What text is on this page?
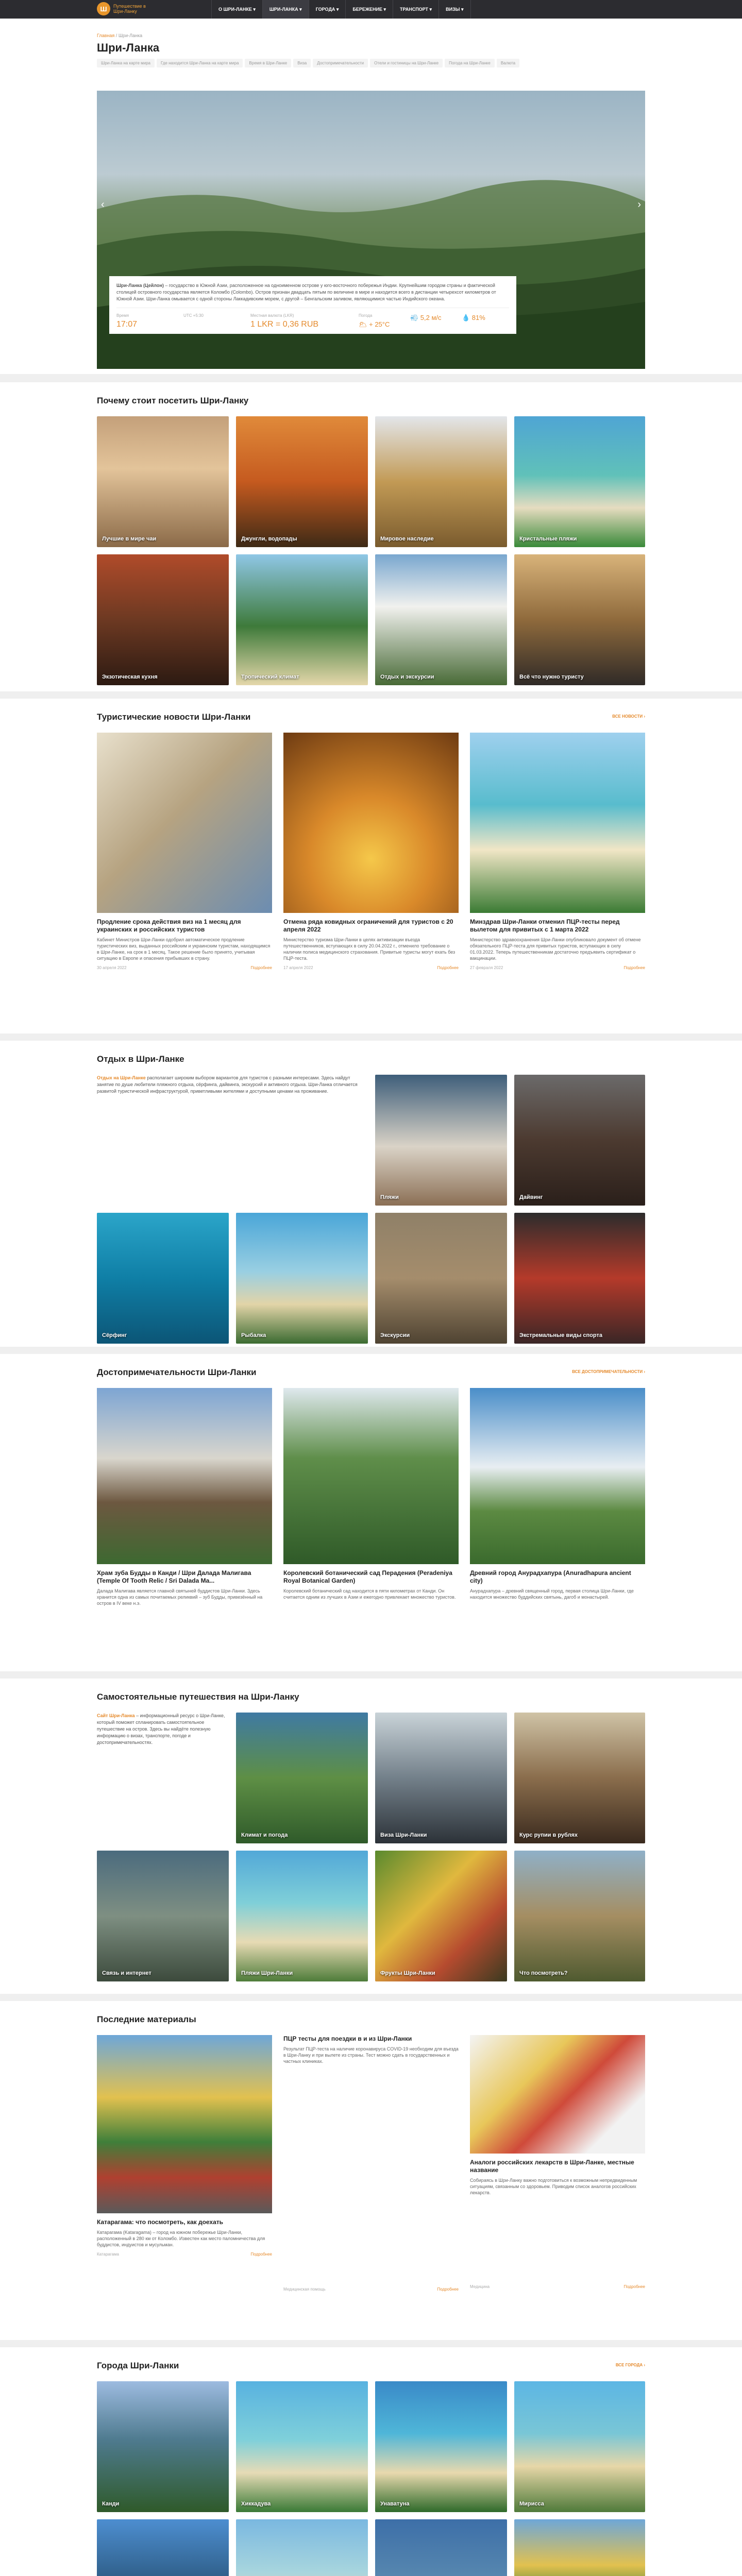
Ш	Путешествие в Шри-Ланку	О ШРИ-ЛАНКЕ ▾	ШРИ-ЛАНКА ▾	ГОРОДА ▾	БЕРЕЖЕНИЕ ▾	ТРАНСПОРТ ▾	ВИЗЫ ▾
Главная / Шри-Ланка
Шри-Ланка
Шри-Ланка на карте мира	Где находится Шри-Ланка на карте мира	Время в Шри-Ланке	Виза	Достопримечательности	Отели и гостиницы на Шри-Ланке	Погода на Шри-Ланке	Валюта
‹	›

Шри-Ланка (Цейлон) – государство в Южной Азии, расположенное на одноименном острове у юго-восточного побережья Индии. Крупнейшим городом страны и фактической столицей островного государства является Коломбо (Colombo). Остров признан двадцать пятым по величине в мире и находится всего в дистанции четырехсот километров от Южной Азии. Шри-Ланка омывается с одной стороны Лаккадивским морем, с другой – Бенгальским заливом, являющимися частью Индийского океана.

Время
17:07
UTC +5:30	Местная валюта (LKR)
1 LKR = 0,36 RUB
Погода
🌥 + 25°C
💨 5,2 м/с	💧 81%
Почему стоит посетить Шри-Ланку
Лучшие в мире чаи	Джунгли, водопады	Мировое наследие	Кристальные пляжи
Экзотическая кухня	Тропический климат	Отдых и экскурсии	Всё что нужно туристу
Туристические новости Шри-Ланки	ВСЕ НОВОСТИ ›
Продление срока действия виз на 1 месяц для украинских и российских туристов
Кабинет Министров Шри-Ланки одобрил автоматическое продление туристических виз, выданных российским и украинским туристам, находящимся в Шри-Ланке, на срок в 1 месяц. Такое решение было принято, учитывая ситуацию в Европе и опасения прибывших в страну.
30 апреля 2022	Подробнее
Отмена ряда ковидных ограничений для туристов с 20 апреля 2022
Министерство туризма Шри-Ланки в целях активизации въезда путешественников, вступающих в силу 20.04.2022 г., отменило требование о наличии полиса медицинского страхования. Привитые туристы могут ехать без ПЦР-теста.
17 апреля 2022	Подробнее
Минздрав Шри-Ланки отменил ПЦР-тесты перед вылетом для привитых с 1 марта 2022
Министерство здравоохранения Шри-Ланки опубликовало документ об отмене обязательного ПЦР-теста для привитых туристов, вступающих в силу 01.03.2022. Теперь путешественникам достаточно предъявить сертификат о вакцинации.
27 февраля 2022	Подробнее
Отдых в Шри-Ланке
Отдых на Шри-Ланке располагает широким выбором вариантов для туристов с разными интересами. Здесь найдут занятие по душе любители пляжного отдыха, сёрфинга, дайвинга, экскурсий и активного отдыха. Шри-Ланка отличается развитой туристической инфраструктурой, приветливыми жителями и доступными ценами на проживание.
Пляжи	Дайвинг
Сёрфинг	Рыбалка	Экскурсии	Экстремальные виды спорта
Достопримечательности Шри-Ланки	ВСЕ ДОСТОПРИМЕЧАТЕЛЬНОСТИ ›
Храм зуба Будды в Канди / Шри Далада Малигава (Temple Of Tooth Relic / Sri Dalada Ma...
Далада Малигава является главной святыней буддистов Шри-Ланки. Здесь хранится одна из самых почитаемых реликвий – зуб Будды, привезённый на остров в IV веке н.э.
Королевский ботанический сад Перадения (Peradeniya Royal Botanical Garden)
Королевский ботанический сад находится в пяти километрах от Канди. Он считается одним из лучших в Азии и ежегодно привлекает множество туристов.
Древний город Анурадхапура (Anuradhapura ancient city)
Анурадхапура – древний священный город, первая столица Шри-Ланки, где находится множество буддийских святынь, дагоб и монастырей.
Самостоятельные путешествия на Шри-Ланку
Сайт Шри-Ланка – информационный ресурс о Шри-Ланке, который поможет спланировать самостоятельное путешествие на остров. Здесь вы найдёте полезную информацию о визах, транспорте, погоде и достопримечательностях.
Климат и погода	Виза Шри-Ланки	Курс рупии в рублях
Связь и интернет	Пляжи Шри-Ланки	Фрукты Шри-Ланки	Что посмотреть?
Последние материалы
Катарагама: что посмотреть, как доехать
Катарагама (Kataragama) – город на южном побережье Шри-Ланки, расположенный в 280 км от Коломбо. Известен как место паломничества для буддистов, индуистов и мусульман.
Катарагама	Подробнее
ПЦР тесты для поездки в и из Шри-Ланки
Результат ПЦР-теста на наличие коронавируса COVID-19 необходим для въезда в Шри-Ланку и при вылете из страны. Тест можно сдать в государственных и частных клиниках.
Медицинская помощь	Подробнее
Аналоги российских лекарств в Шри-Ланке, местные название
Собираясь в Шри-Ланку важно подготовиться к возможным непредвиденным ситуациям, связанным со здоровьем. Приводим список аналогов российских лекарств.
Медицина	Подробнее
Города Шри-Ланки	ВСЕ ГОРОДА ›
Канди	Хиккадува	Унаватуна	Мирисса
